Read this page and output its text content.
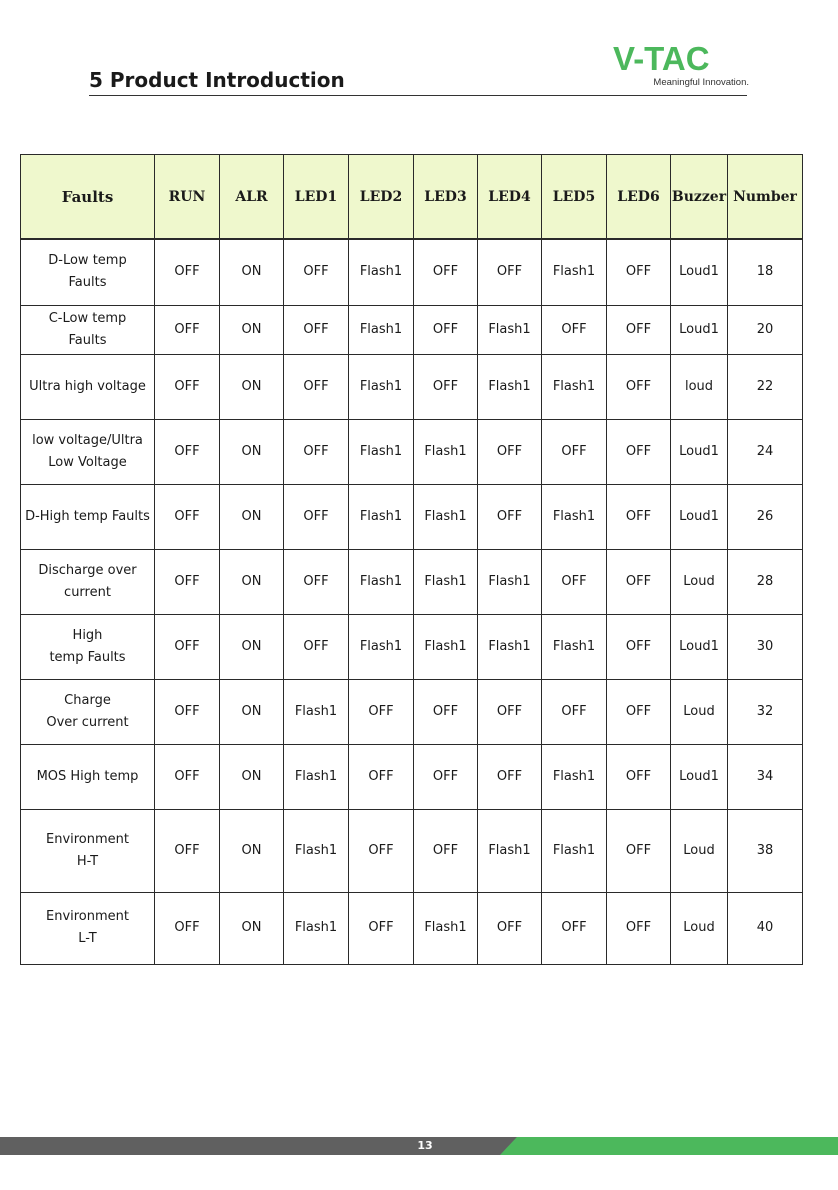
5 Product Introduction
V-TAC
Meaningful Innovation.
Faults	RUN	ALR	LED1	LED2	LED3	LED4	LED5	LED6	Buzzer	Number
D-Low temp
Faults	OFF	ON	OFF	Flash1	OFF	OFF	Flash1	OFF	Loud1	18
C-Low temp
Faults	OFF	ON	OFF	Flash1	OFF	Flash1	OFF	OFF	Loud1	20
Ultra high voltage	OFF	ON	OFF	Flash1	OFF	Flash1	Flash1	OFF	loud	22
low voltage/Ultra
Low Voltage	OFF	ON	OFF	Flash1	Flash1	OFF	OFF	OFF	Loud1	24
D-High temp Faults	OFF	ON	OFF	Flash1	Flash1	OFF	Flash1	OFF	Loud1	26
Discharge over
current	OFF	ON	OFF	Flash1	Flash1	Flash1	OFF	OFF	Loud	28
High
temp Faults	OFF	ON	OFF	Flash1	Flash1	Flash1	Flash1	OFF	Loud1	30
Charge
Over current	OFF	ON	Flash1	OFF	OFF	OFF	OFF	OFF	Loud	32
MOS High temp	OFF	ON	Flash1	OFF	OFF	OFF	Flash1	OFF	Loud1	34
Environment
H-T	OFF	ON	Flash1	OFF	OFF	Flash1	Flash1	OFF	Loud	38
Environment
L-T	OFF	ON	Flash1	OFF	Flash1	OFF	OFF	OFF	Loud	40
13
